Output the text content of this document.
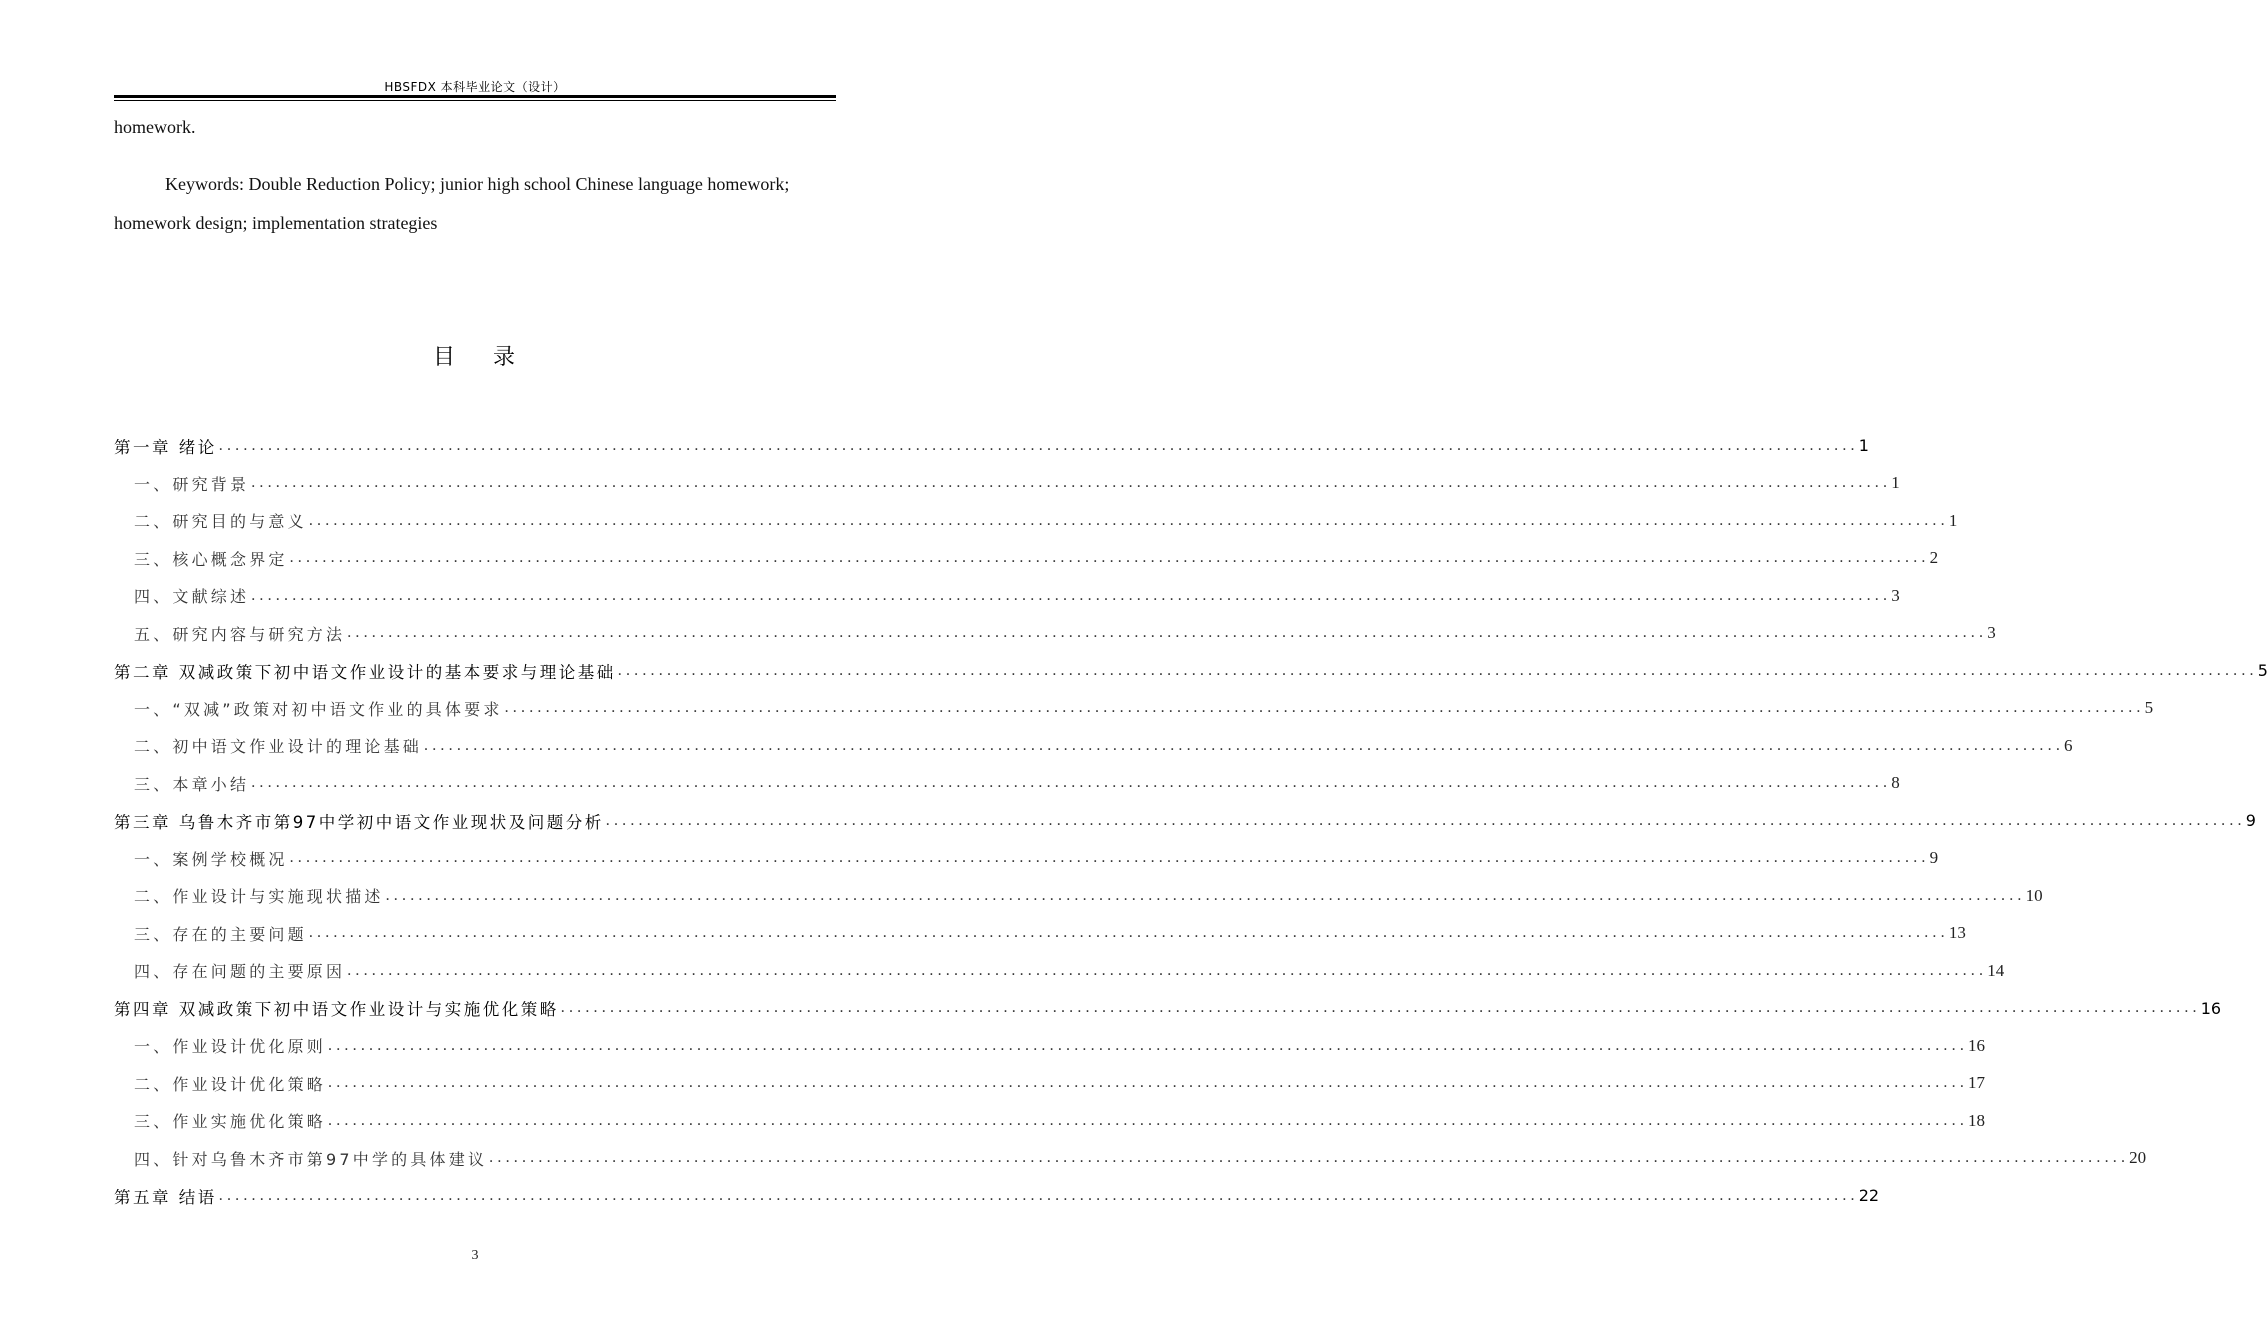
HBSFDX 本科毕业论文（设计）
homework.
Keywords: Double Reduction Policy; junior high school Chinese language homework;
homework design; implementation strategies
目 录
第一章 绪论 ........................................................................................................................................................................................................ 1
一、研究背景 ........................................................................................................................................................................................................ 1
二、研究目的与意义 ........................................................................................................................................................................................................ 1
三、核心概念界定 ........................................................................................................................................................................................................ 2
四、文献综述 ........................................................................................................................................................................................................ 3
五、研究内容与研究方法 ........................................................................................................................................................................................................ 3
第二章 双减政策下初中语文作业设计的基本要求与理论基础 ........................................................................................................................................................................................................ 5
一、“双减”政策对初中语文作业的具体要求 ........................................................................................................................................................................................................ 5
二、初中语文作业设计的理论基础 ........................................................................................................................................................................................................ 6
三、本章小结 ........................................................................................................................................................................................................ 8
第三章 乌鲁木齐市第97中学初中语文作业现状及问题分析 ........................................................................................................................................................................................................ 9
一、案例学校概况 ........................................................................................................................................................................................................ 9
二、作业设计与实施现状描述 ........................................................................................................................................................................................................ 10
三、存在的主要问题 ........................................................................................................................................................................................................ 13
四、存在问题的主要原因 ........................................................................................................................................................................................................ 14
第四章 双减政策下初中语文作业设计与实施优化策略 ........................................................................................................................................................................................................ 16
一、作业设计优化原则 ........................................................................................................................................................................................................ 16
二、作业设计优化策略 ........................................................................................................................................................................................................ 17
三、作业实施优化策略 ........................................................................................................................................................................................................ 18
四、针对乌鲁木齐市第97中学的具体建议 ........................................................................................................................................................................................................ 20
第五章 结语 ........................................................................................................................................................................................................ 22
3
